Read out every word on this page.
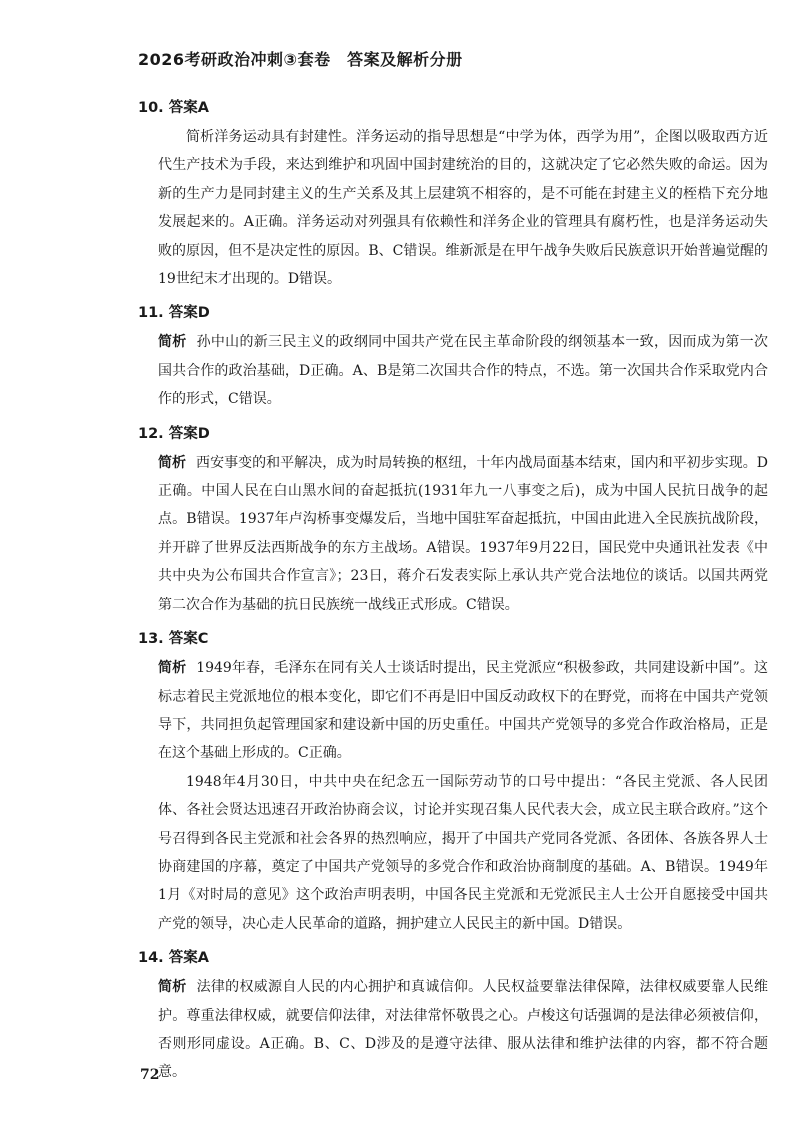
2026考研政治冲刺③套卷　答案及解析分册
10. 答案A

简析洋务运动具有封建性。洋务运动的指导思想是“中学为体，西学为用”，企图以吸取西方近代生产技术为手段，来达到维护和巩固中国封建统治的目的，这就决定了它必然失败的命运。因为新的生产力是同封建主义的生产关系及其上层建筑不相容的，是不可能在封建主义的桎梏下充分地发展起来的。A正确。洋务运动对列强具有依赖性和洋务企业的管理具有腐朽性，也是洋务运动失败的原因，但不是决定性的原因。B、C错误。维新派是在甲午战争失败后民族意识开始普遍觉醒的19世纪末才出现的。D错误。

11. 答案D

简析 孙中山的新三民主义的政纲同中国共产党在民主革命阶段的纲领基本一致，因而成为第一次国共合作的政治基础，D正确。A、B是第二次国共合作的特点，不选。第一次国共合作采取党内合作的形式，C错误。

12. 答案D

简析 西安事变的和平解决，成为时局转换的枢纽，十年内战局面基本结束，国内和平初步实现。D正确。中国人民在白山黑水间的奋起抵抗(1931年九一八事变之后)，成为中国人民抗日战争的起点。B错误。1937年卢沟桥事变爆发后，当地中国驻军奋起抵抗，中国由此进入全民族抗战阶段，并开辟了世界反法西斯战争的东方主战场。A错误。1937年9月22日，国民党中央通讯社发表《中共中央为公布国共合作宣言》；23日，蒋介石发表实际上承认共产党合法地位的谈话。以国共两党第二次合作为基础的抗日民族统一战线正式形成。C错误。

13. 答案C

简析 1949年春，毛泽东在同有关人士谈话时提出，民主党派应“积极参政，共同建设新中国”。这标志着民主党派地位的根本变化，即它们不再是旧中国反动政权下的在野党，而将在中国共产党领导下，共同担负起管理国家和建设新中国的历史重任。中国共产党领导的多党合作政治格局，正是在这个基础上形成的。C正确。

1948年4月30日，中共中央在纪念五一国际劳动节的口号中提出：“各民主党派、各人民团体、各社会贤达迅速召开政治协商会议，讨论并实现召集人民代表大会，成立民主联合政府。”这个号召得到各民主党派和社会各界的热烈响应，揭开了中国共产党同各党派、各团体、各族各界人士协商建国的序幕，奠定了中国共产党领导的多党合作和政治协商制度的基础。A、B错误。1949年1月《对时局的意见》这个政治声明表明，中国各民主党派和无党派民主人士公开自愿接受中国共产党的领导，决心走人民革命的道路，拥护建立人民民主的新中国。D错误。

14. 答案A

简析 法律的权威源自人民的内心拥护和真诚信仰。人民权益要靠法律保障，法律权威要靠人民维护。尊重法律权威，就要信仰法律，对法律常怀敬畏之心。卢梭这句话强调的是法律必须被信仰，否则形同虚设。A正确。B、C、D涉及的是遵守法律、服从法律和维护法律的内容，都不符合题意。

72
